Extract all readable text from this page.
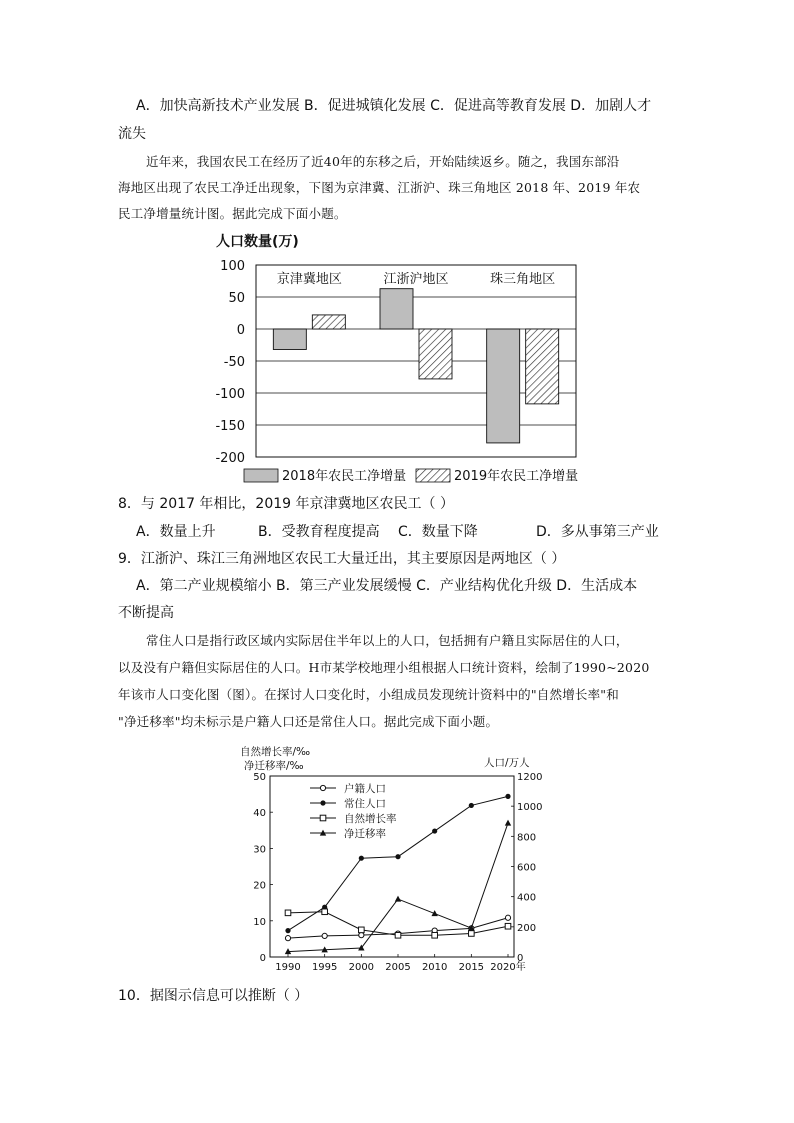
A．加快高新技术产业发展 B．促进城镇化发展 C．促进高等教育发展 D．加剧人才
流失
近年来，我国农民工在经历了近40年的东移之后，开始陆续返乡。随之，我国东部沿
海地区出现了农民工净迁出现象，下图为京津冀、江浙沪、珠三角地区 2018 年、2019 年农
民工净增量统计图。据此完成下面小题。
人口数量(万)
100
50
0
-50
-100
-150
-200
京津冀地区	江浙沪地区	珠三角地区
2018年农民工净增量	2019年农民工净增量
8．与 2017 年相比，2019 年京津冀地区农民工（ ）
A．数量上升	B．受教育程度提高 C．数量下降	D．多从事第三产业
9．江浙沪、珠江三角洲地区农民工大量迁出，其主要原因是两地区（ ）
A．第二产业规模缩小 B．第三产业发展缓慢 C．产业结构优化升级 D．生活成本
不断提高
常住人口是指行政区域内实际居住半年以上的人口，包括拥有户籍且实际居住的人口，
以及没有户籍但实际居住的人口。H市某学校地理小组根据人口统计资料，绘制了1990~2020
年该市人口变化图（图）。在探讨人口变化时，小组成员发现统计资料中的"自然增长率"和
"净迁移率"均未标示是户籍人口还是常住人口。据此完成下面小题。
自然增长率/‰
净迁移率/‰	人口/万人
0
10
20
30
40
50
0
200
400
600
800
1000
1200
1990 1995 2000 2005 2010 2015 2020年
户籍人口
常住人口
自然增长率
净迁移率
10．据图示信息可以推断（ ）
